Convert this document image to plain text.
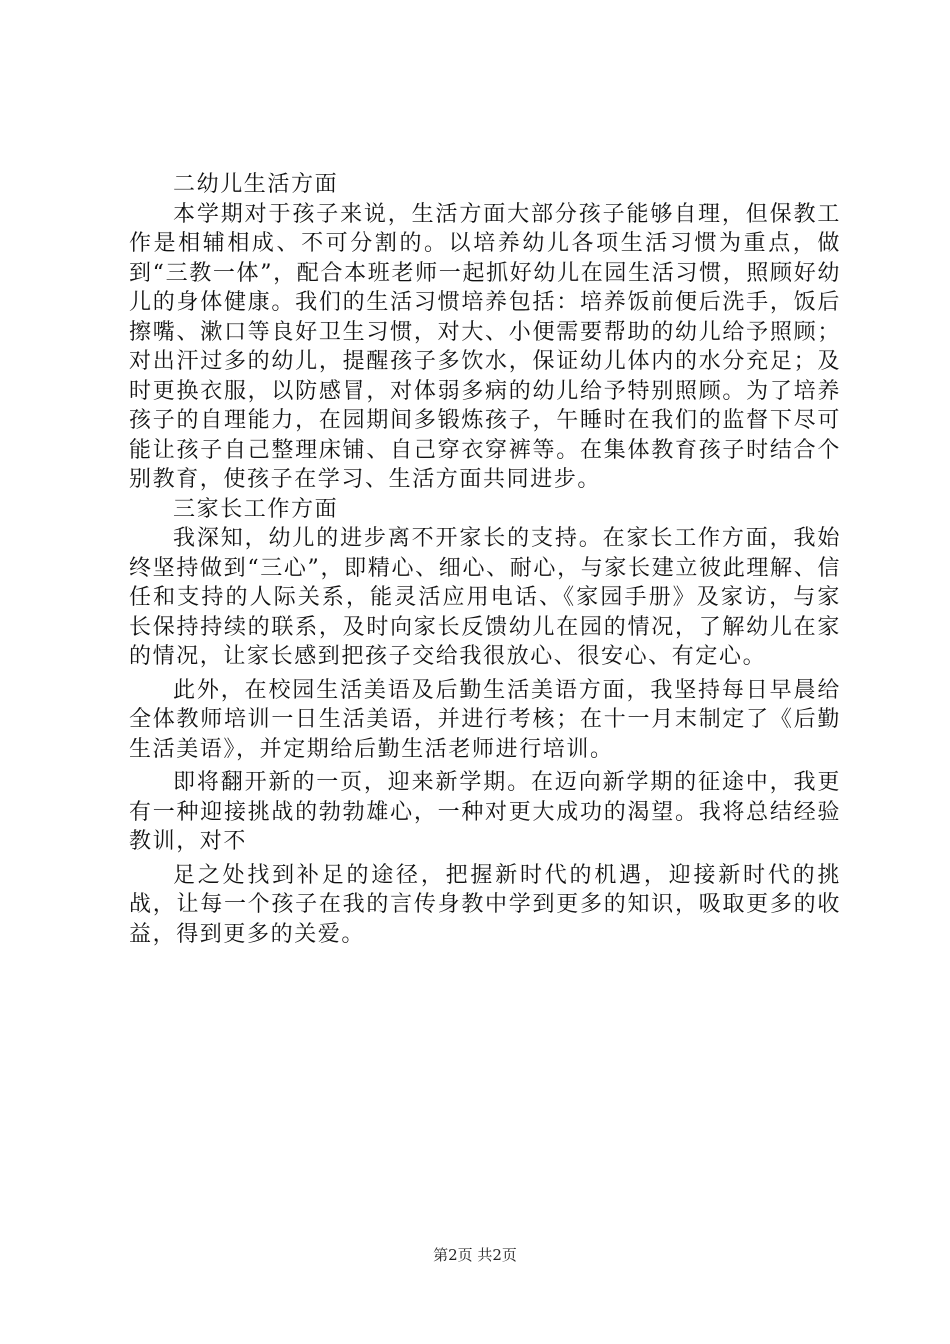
二幼儿生活方面

本学期对于孩子来说，生活方面大部分孩子能够自理，但保教工作是相辅相成、不可分割的。以培养幼儿各项生活习惯为重点，做到“三教一体”，配合本班老师一起抓好幼儿在园生活习惯，照顾好幼儿的身体健康。我们的生活习惯培养包括：培养饭前便后洗手，饭后擦嘴、漱口等良好卫生习惯，对大、小便需要帮助的幼儿给予照顾；对出汗过多的幼儿，提醒孩子多饮水，保证幼儿体内的水分充足；及时更换衣服，以防感冒，对体弱多病的幼儿给予特别照顾。为了培养孩子的自理能力，在园期间多锻炼孩子，午睡时在我们的监督下尽可能让孩子自己整理床铺、自己穿衣穿裤等。在集体教育孩子时结合个别教育，使孩子在学习、生活方面共同进步。

三家长工作方面

我深知，幼儿的进步离不开家长的支持。在家长工作方面，我始终坚持做到“三心”，即精心、细心、耐心，与家长建立彼此理解、信任和支持的人际关系，能灵活应用电话、《家园手册》及家访，与家长保持持续的联系，及时向家长反馈幼儿在园的情况，了解幼儿在家的情况，让家长感到把孩子交给我很放心、很安心、有定心。

此外，在校园生活美语及后勤生活美语方面，我坚持每日早晨给全体教师培训一日生活美语，并进行考核；在十一月末制定了《后勤生活美语》，并定期给后勤生活老师进行培训。

即将翻开新的一页，迎来新学期。在迈向新学期的征途中，我更有一种迎接挑战的勃勃雄心，一种对更大成功的渴望。我将总结经验教训，对不

足之处找到补足的途径，把握新时代的机遇，迎接新时代的挑战，让每一个孩子在我的言传身教中学到更多的知识，吸取更多的收益，得到更多的关爱。

第2页 共2页
